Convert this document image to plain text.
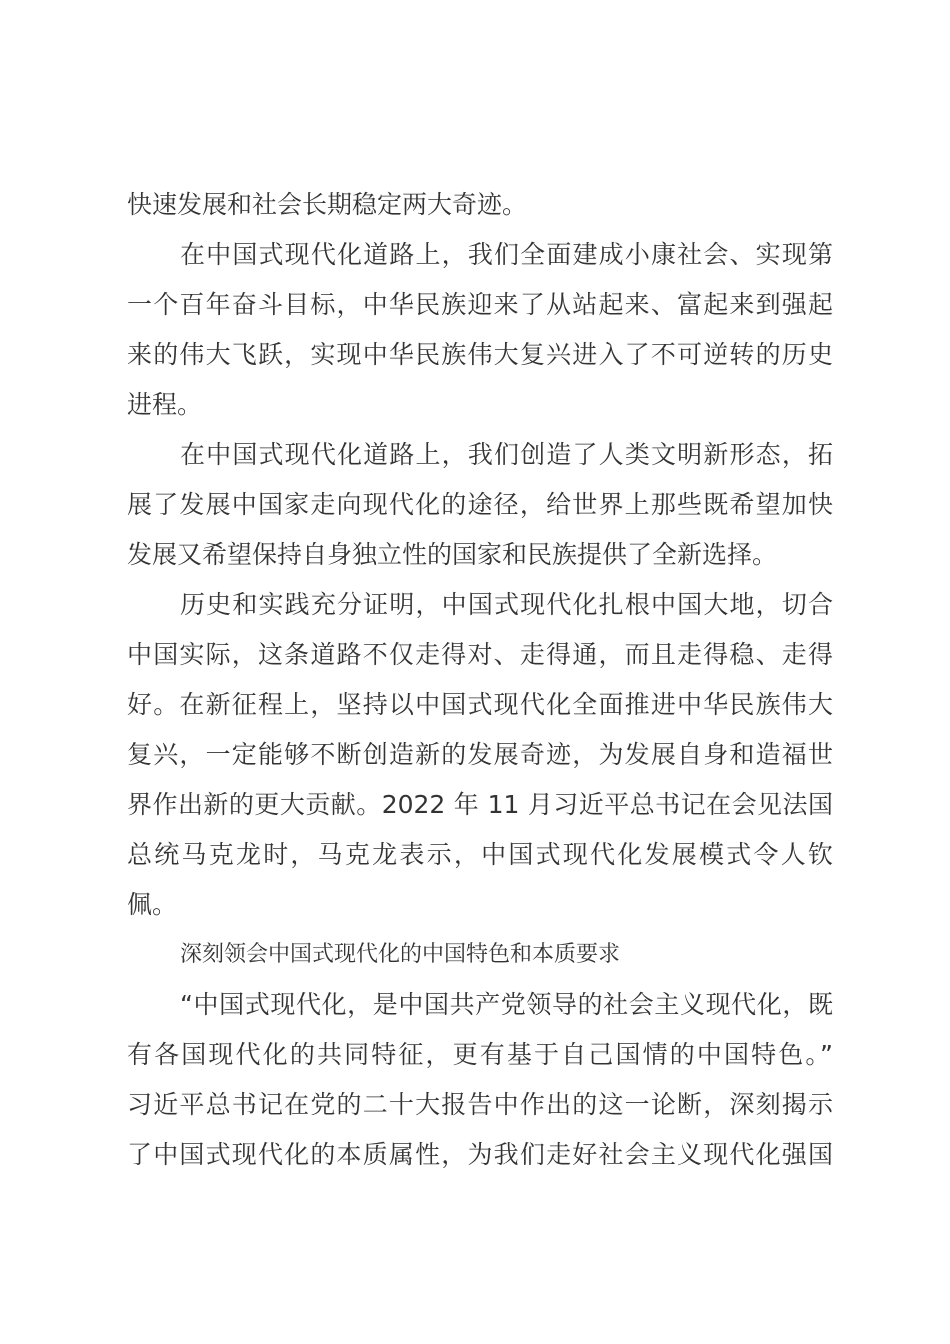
快速发展和社会长期稳定两大奇迹。
在中国式现代化道路上，我们全面建成小康社会、实现第
一个百年奋斗目标，中华民族迎来了从站起来、富起来到强起
来的伟大飞跃，实现中华民族伟大复兴进入了不可逆转的历史
进程。
在中国式现代化道路上，我们创造了人类文明新形态，拓
展了发展中国家走向现代化的途径，给世界上那些既希望加快
发展又希望保持自身独立性的国家和民族提供了全新选择。
历史和实践充分证明，中国式现代化扎根中国大地，切合
中国实际，这条道路不仅走得对、走得通，而且走得稳、走得
好。在新征程上，坚持以中国式现代化全面推进中华民族伟大
复兴，一定能够不断创造新的发展奇迹，为发展自身和造福世
界作出新的更大贡献。2022 年 11 月习近平总书记在会见法国
总统马克龙时，马克龙表示，中国式现代化发展模式令人钦
佩。
深刻领会中国式现代化的中国特色和本质要求
“中国式现代化，是中国共产党领导的社会主义现代化，既
有各国现代化的共同特征，更有基于自己国情的中国特色。”
习近平总书记在党的二十大报告中作出的这一论断，深刻揭示
了中国式现代化的本质属性，为我们走好社会主义现代化强国
